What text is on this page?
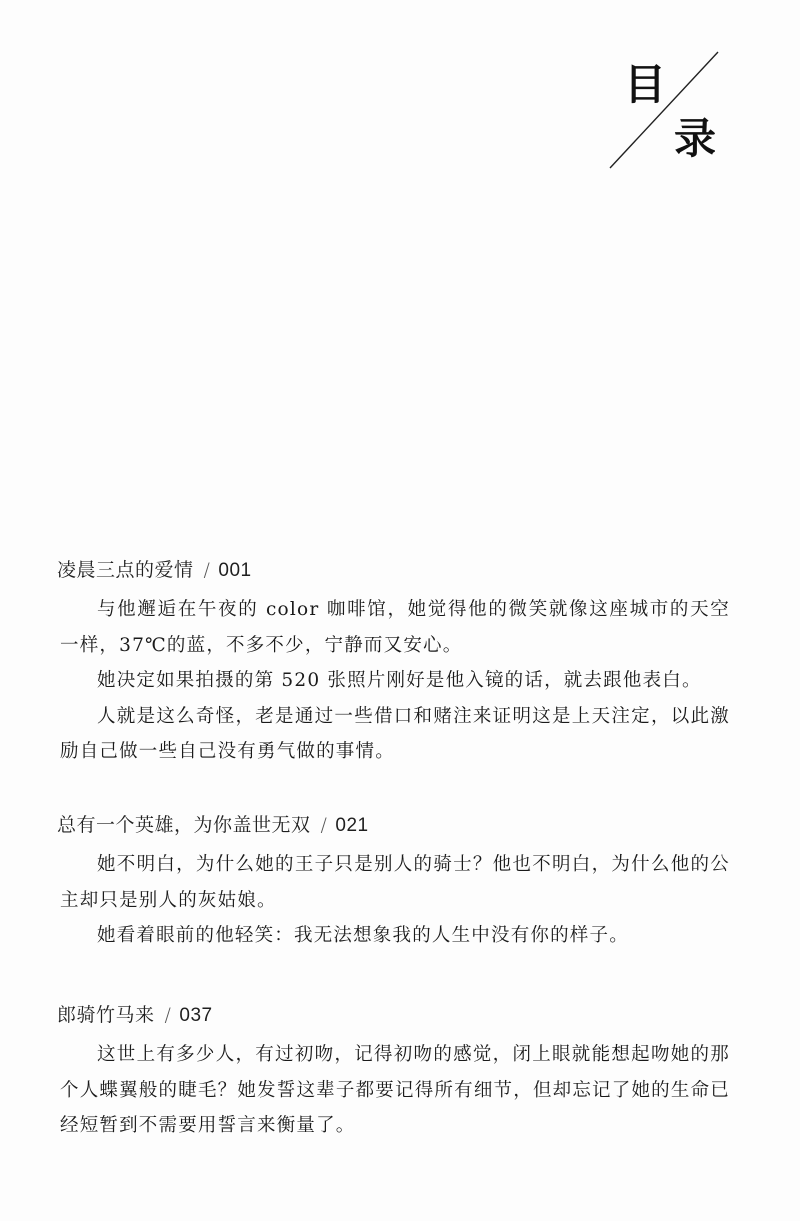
目
录
凌晨三点的爱情 / 001

与他邂逅在午夜的 color 咖啡馆，她觉得他的微笑就像这座城市的天空一样，37℃的蓝，不多不少，宁静而又安心。

她决定如果拍摄的第 520 张照片刚好是他入镜的话，就去跟他表白。

人就是这么奇怪，老是通过一些借口和赌注来证明这是上天注定，以此激励自己做一些自己没有勇气做的事情。

总有一个英雄，为你盖世无双 / 021

她不明白，为什么她的王子只是别人的骑士？他也不明白，为什么他的公主却只是别人的灰姑娘。

她看着眼前的他轻笑：我无法想象我的人生中没有你的样子。

郎骑竹马来 / 037

这世上有多少人，有过初吻，记得初吻的感觉，闭上眼就能想起吻她的那个人蝶翼般的睫毛？她发誓这辈子都要记得所有细节，但却忘记了她的生命已经短暂到不需要用誓言来衡量了。
